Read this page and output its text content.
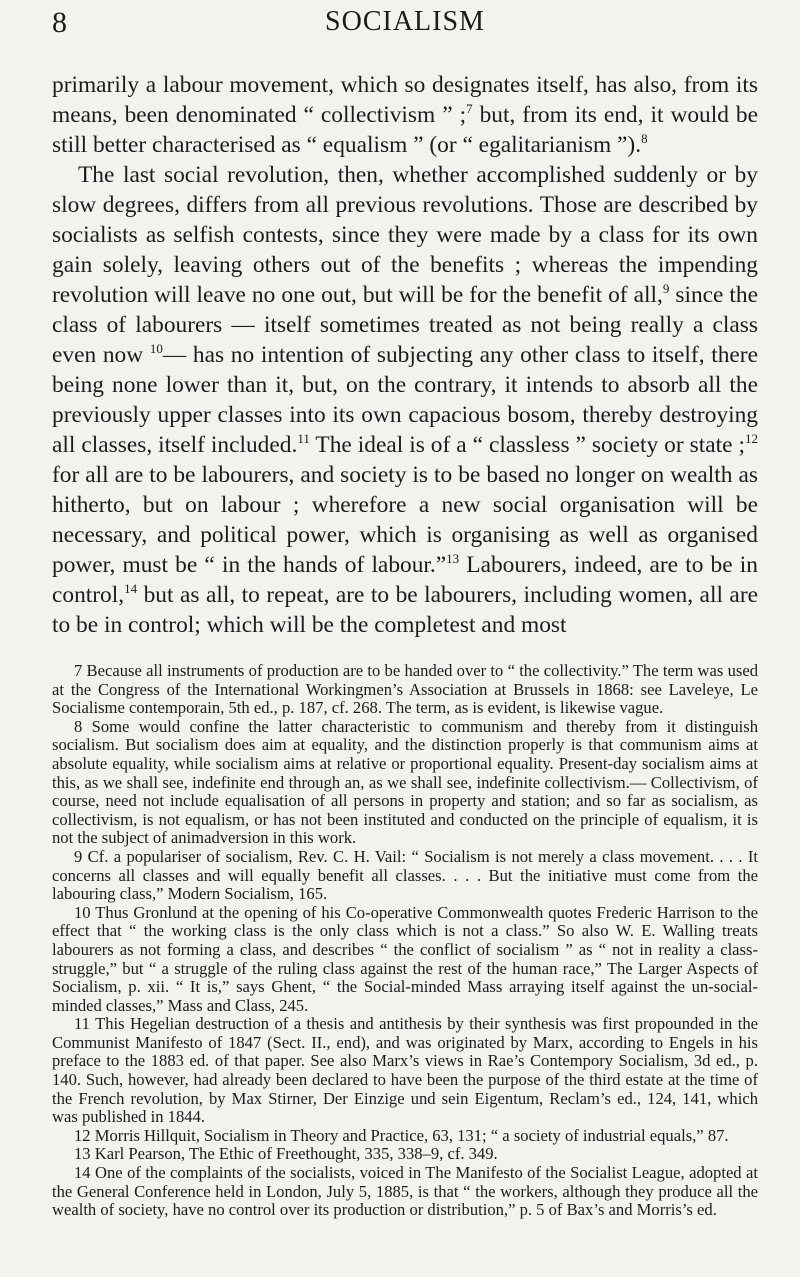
8	SOCIALISM

primarily a labour movement, which so designates itself, has also, from its means, been denominated “ collectivism ” ;$^7$ but, from its end, it would be still better characterised as “ equalism ” (or “ egalitarianism ”).$^8$

The last social revolution, then, whether accomplished suddenly or by slow degrees, differs from all previous revolutions. Those are described by socialists as selfish contests, since they were made by a class for its own gain solely, leaving others out of the benefits ; whereas the impending revolution will leave no one out, but will be for the benefit of all,$^9$ since the class of labourers — itself sometimes treated as not being really a class even now $^{10}$— has no intention of subjecting any other class to itself, there being none lower than it, but, on the contrary, it intends to absorb all the previously upper classes into its own capacious bosom, thereby destroying all classes, itself included.$^{11}$ The ideal is of a “ classless ” society or state ;$^{12}$ for all are to be labourers, and society is to be based no longer on wealth as hitherto, but on labour ; wherefore a new social organisation will be necessary, and political power, which is organising as well as organised power, must be “ in the hands of labour.”$^{13}$ Labourers, indeed, are to be in control,$^{14}$ but as all, to repeat, are to be labourers, including women, all are to be in control; which will be the completest and most

7 Because all instruments of production are to be handed over to “ the collectivity.” The term was used at the Congress of the International Workingmen’s Association at Brussels in 1868: see Laveleye, Le Socialisme contemporain, 5th ed., p. 187, cf. 268. The term, as is evident, is likewise vague.

8 Some would confine the latter characteristic to communism and thereby from it distinguish socialism. But socialism does aim at equality, and the distinction properly is that communism aims at absolute equality, while socialism aims at relative or proportional equality. Present-day socialism aims at this, as we shall see, indefinite end through an, as we shall see, indefinite collectivism.— Collectivism, of course, need not include equalisation of all persons in property and station; and so far as socialism, as collectivism, is not equalism, or has not been instituted and conducted on the principle of equalism, it is not the subject of animadversion in this work.

9 Cf. a populariser of socialism, Rev. C. H. Vail: “ Socialism is not merely a class movement. . . . It concerns all classes and will equally benefit all classes. . . . But the initiative must come from the labouring class,” Modern Socialism, 165.

10 Thus Gronlund at the opening of his Co-operative Commonwealth quotes Frederic Harrison to the effect that “ the working class is the only class which is not a class.” So also W. E. Walling treats labourers as not forming a class, and describes “ the conflict of socialism ” as “ not in reality a class-struggle,” but “ a struggle of the ruling class against the rest of the human race,” The Larger Aspects of Socialism, p. xii. “ It is,” says Ghent, “ the Social-minded Mass arraying itself against the un-social-minded classes,” Mass and Class, 245.

11 This Hegelian destruction of a thesis and antithesis by their synthesis was first propounded in the Communist Manifesto of 1847 (Sect. II., end), and was originated by Marx, according to Engels in his preface to the 1883 ed. of that paper. See also Marx’s views in Rae’s Contempory Socialism, 3d ed., p. 140. Such, however, had already been declared to have been the purpose of the third estate at the time of the French revolution, by Max Stirner, Der Einzige und sein Eigentum, Reclam’s ed., 124, 141, which was published in 1844.

12 Morris Hillquit, Socialism in Theory and Practice, 63, 131; “ a society of industrial equals,” 87.

13 Karl Pearson, The Ethic of Freethought, 335, 338–9, cf. 349.

14 One of the complaints of the socialists, voiced in The Manifesto of the Socialist League, adopted at the General Conference held in London, July 5, 1885, is that “ the workers, although they produce all the wealth of society, have no control over its production or distribution,” p. 5 of Bax’s and Morris’s ed.
